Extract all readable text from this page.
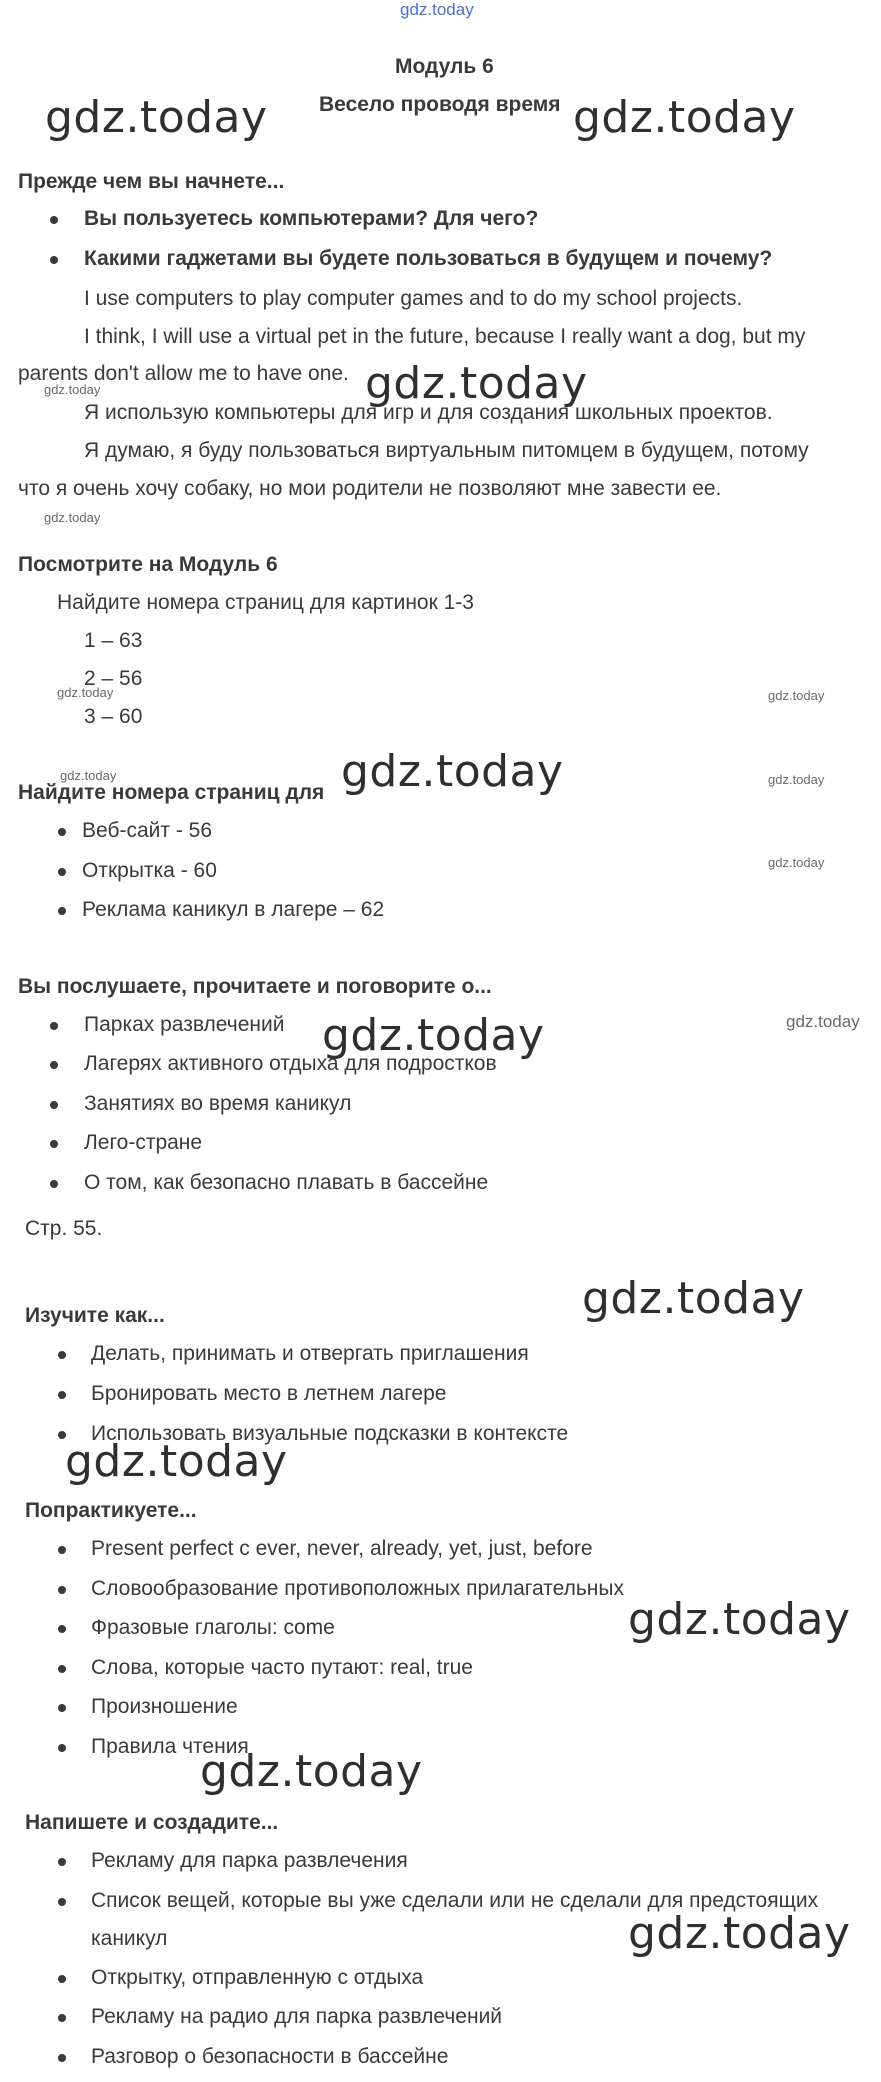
gdz.today
Модуль 6
Весело проводя время
gdz.today	gdz.today
gdz.today
gdz.today
gdz.today
gdz.today
gdz.today
gdz.today
gdz.today
gdz.today
gdz.today
gdz.today
gdz.today	gdz.today
gdz.today	gdz.today
gdz.today
gdz.today
Прежде чем вы начнете...
Вы пользуетесь компьютерами? Для чего?
Какими гаджетами вы будете пользоваться в будущем и почему?
I use computers to play computer games and to do my school projects.
I think, I will use a virtual pet in the future, because I really want a dog, but my
parents don't allow me to have one.
Я использую компьютеры для игр и для создания школьных проектов.
Я думаю, я буду пользоваться виртуальным питомцем в будущем, потому
что я очень хочу собаку, но мои родители не позволяют мне завести ее.
Посмотрите на Модуль 6
Найдите номера страниц для картинок 1-3
1 – 63
2 – 56
3 – 60
Найдите номера страниц для
Веб-сайт - 56
Открытка - 60
Реклама каникул в лагере – 62
Вы послушаете, прочитаете и поговорите о...
Парках развлечений
Лагерях активного отдыха для подростков
Занятиях во время каникул
Лего-стране
О том, как безопасно плавать в бассейне
Стр. 55.
Изучите как...
Делать, принимать и отвергать приглашения
Бронировать место в летнем лагере
Использовать визуальные подсказки в контексте
Попрактикуете...
Present perfect c ever, never, already, yet, just, before
Словообразование противоположных прилагательных
Фразовые глаголы: come
Слова, которые часто путают: real, true
Произношение
Правила чтения
Напишете и создадите...
Рекламу для парка развлечения
Список вещей, которые вы уже сделали или не сделали для предстоящих
каникул
Открытку, отправленную с отдыха
Рекламу на радио для парка развлечений
Разговор о безопасности в бассейне
